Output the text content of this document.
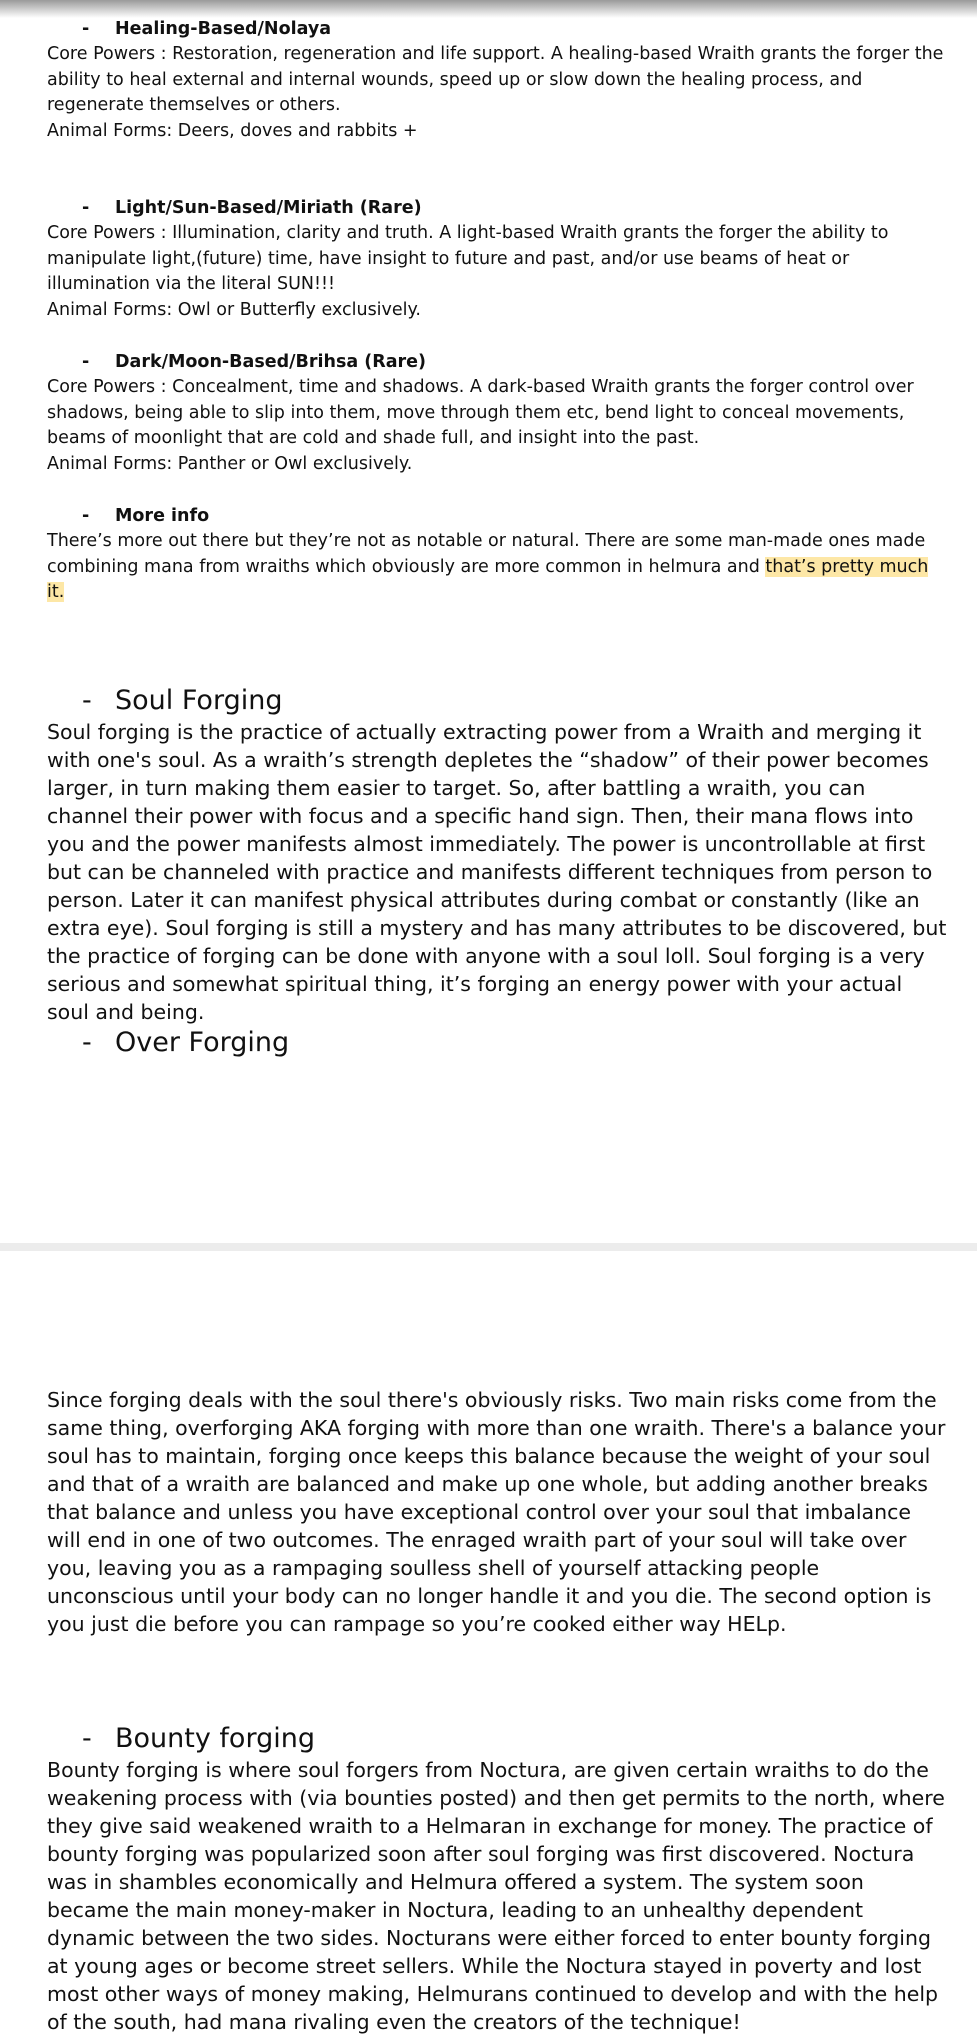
-	Healing-Based/Nolaya

Core Powers : Restoration, regeneration and life support. A healing-based Wraith grants the forger the ability to heal external and internal wounds, speed up or slow down the healing process, and regenerate themselves or others.

Animal Forms: Deers, doves and rabbits +

-	Light/Sun-Based/Miriath (Rare)

Core Powers : Illumination, clarity and truth. A light-based Wraith grants the forger the ability to manipulate light,(future) time, have insight to future and past, and/or use beams of heat or illumination via the literal SUN!!!

Animal Forms: Owl or Butterfly exclusively.

-	Dark/Moon-Based/Brihsa (Rare)

Core Powers : Concealment, time and shadows. A dark-based Wraith grants the forger control over shadows, being able to slip into them, move through them etc, bend light to conceal movements, beams of moonlight that are cold and shade full, and insight into the past.

Animal Forms: Panther or Owl exclusively.

-	More info

There’s more out there but they’re not as notable or natural. There are some man-made ones made combining mana from wraiths which obviously are more common in helmura and that’s pretty much it.

- Soul Forging

Soul forging is the practice of actually extracting power from a Wraith and merging it with one's soul. As a wraith’s strength depletes the “shadow” of their power becomes larger, in turn making them easier to target. So, after battling a wraith, you can channel their power with focus and a specific hand sign. Then, their mana flows into you and the power manifests almost immediately. The power is uncontrollable at first but can be channeled with practice and manifests different techniques from person to person. Later it can manifest physical attributes during combat or constantly (like an extra eye). Soul forging is still a mystery and has many attributes to be discovered, but the practice of forging can be done with anyone with a soul loll. Soul forging is a very serious and somewhat spiritual thing, it’s forging an energy power with your actual soul and being.

- Over Forging

Since forging deals with the soul there's obviously risks. Two main risks come from the same thing, overforging AKA forging with more than one wraith. There's a balance your soul has to maintain, forging once keeps this balance because the weight of your soul and that of a wraith are balanced and make up one whole, but adding another breaks that balance and unless you have exceptional control over your soul that imbalance will end in one of two outcomes. The enraged wraith part of your soul will take over you, leaving you as a rampaging soulless shell of yourself attacking people unconscious until your body can no longer handle it and you die. The second option is you just die before you can rampage so you’re cooked either way HELp.

- Bounty forging

Bounty forging is where soul forgers from Noctura, are given certain wraiths to do the weakening process with (via bounties posted) and then get permits to the north, where they give said weakened wraith to a Helmaran in exchange for money. The practice of bounty forging was popularized soon after soul forging was first discovered. Noctura was in shambles economically and Helmura offered a system. The system soon became the main money-maker in Noctura, leading to an unhealthy dependent dynamic between the two sides. Nocturans were either forced to enter bounty forging at young ages or become street sellers. While the Noctura stayed in poverty and lost most other ways of money making, Helmurans continued to develop and with the help of the south, had mana rivaling even the creators of the technique!
